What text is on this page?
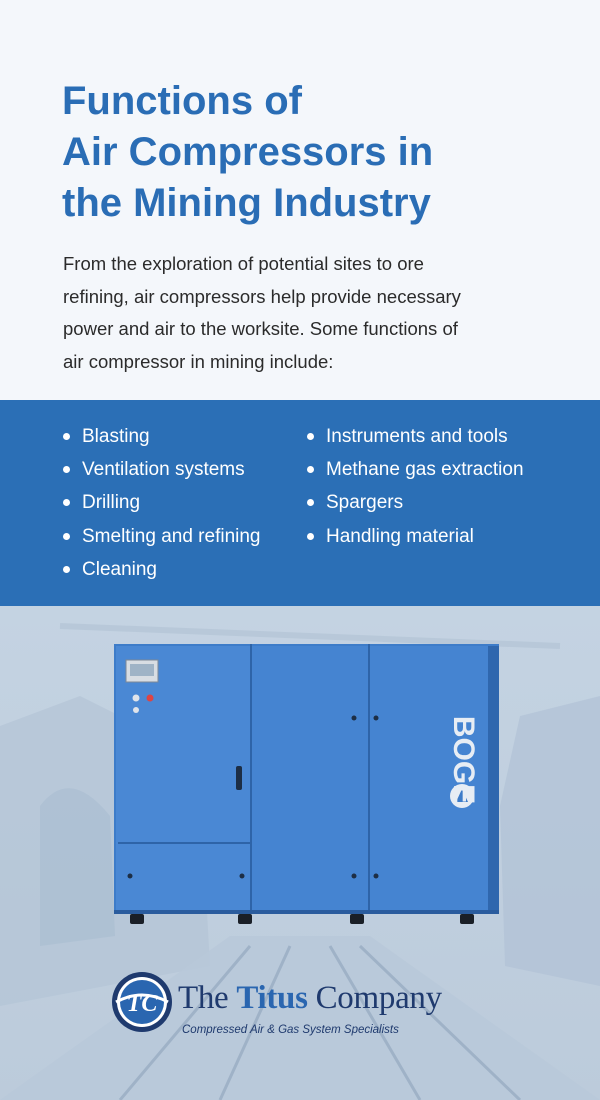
Functions of
Air Compressors in
the Mining Industry
From the exploration of potential sites to ore
refining, air compressors help provide necessary
power and air to the worksite. Some functions of
air compressor in mining include:
Blasting
Ventilation systems
Drilling
Smelting and refining
Cleaning
Instruments and tools
Methane gas extraction
Spargers
Handling material
BOGE
TC The Titus Company
Compressed Air & Gas System Specialists
